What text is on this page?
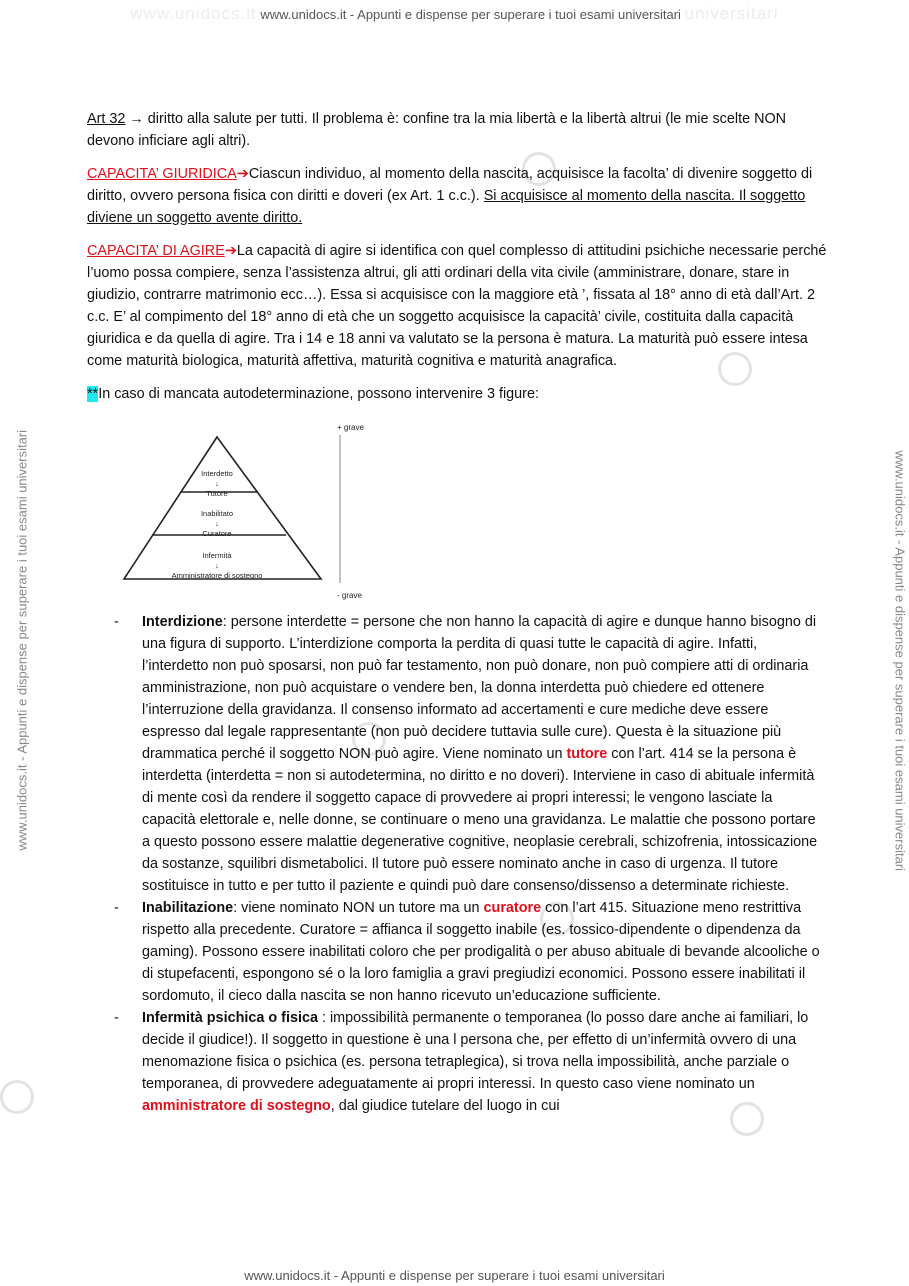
www.unidocs.it www.unidocs.it - Appunti e dispense per superare i tuoi esami universitari universitari
www.unidocs.it - Appunti e dispense per superare i tuoi esami universitari
www.unidocs.it - Appunti e dispense per superare i tuoi esami universitari	www.unidocs.it - Appunti e dispense per superare i tuoi esami universitari

Art 32 → diritto alla salute per tutti. Il problema è: confine tra la mia libertà e la libertà altrui (le mie scelte NON devono inficiare agli altri).

CAPACITA’ GIURIDICA➔Ciascun individuo, al momento della nascita, acquisisce la facolta’ di divenire soggetto di diritto, ovvero persona fisica con diritti e doveri (ex Art. 1 c.c.). Si acquisisce al momento della nascita. Il soggetto diviene un soggetto avente diritto.

CAPACITA’ DI AGIRE➔La capacità di agire si identifica con quel complesso di attitudini psichiche necessarie perché l’uomo possa compiere, senza l’assistenza altrui, gli atti ordinari della vita civile (amministrare, donare, stare in giudizio, contrarre matrimonio ecc…). Essa si acquisisce con la maggiore età ’, fissata al 18° anno di età dall’Art. 2 c.c. E’ al compimento del 18° anno di età che un soggetto acquisisce la capacità’ civile, costituita dalla capacità giuridica e da quella di agire. Tra i 14 e 18 anni va valutato se la persona è matura. La maturità può essere intesa come maturità biologica, maturità affettiva, maturità cognitiva e maturità anagrafica.

**In caso di mancata autodeterminazione, possono intervenire 3 figure:

Interdetto
↓
Tutore
Inabilitato
↓
Curatore
Infermità
↓
Amministratore di sostegno
+ grave
- grave
- Interdizione: persone interdette = persone che non hanno la capacità di agire e dunque hanno bisogno di una figura di supporto. L’interdizione comporta la perdita di quasi tutte le capacità di agire. Infatti, l’interdetto non può sposarsi, non può far testamento, non può donare, non può compiere atti di ordinaria amministrazione, non può acquistare o vendere ben, la donna interdetta può chiedere ed ottenere l’interruzione della gravidanza. Il consenso informato ad accertamenti e cure mediche deve essere espresso dal legale rappresentante (non può decidere tuttavia sulle cure). Questa è la situazione più drammatica perché il soggetto NON può agire. Viene nominato un tutore con l’art. 414 se la persona è interdetta (interdetta = non si autodetermina, no diritto e no doveri). Interviene in caso di abituale infermità di mente così da rendere il soggetto capace di provvedere ai propri interessi; le vengono lasciate la capacità elettorale e, nelle donne, se continuare o meno una gravidanza. Le malattie che possono portare a questo possono essere malattie degenerative cognitive, neoplasie cerebrali, schizofrenia, intossicazione da sostanze, squilibri dismetabolici. Il tutore può essere nominato anche in caso di urgenza. Il tutore sostituisce in tutto e per tutto il paziente e quindi può dare consenso/dissenso a determinate richieste.
- Inabilitazione: viene nominato NON un tutore ma un curatore con l’art 415. Situazione meno restrittiva rispetto alla precedente. Curatore = affianca il soggetto inabile (es. tossico-dipendente o dipendenza da gaming). Possono essere inabilitati coloro che per prodigalità o per abuso abituale di bevande alcooliche o di stupefacenti, espongono sé o la loro famiglia a gravi pregiudizi economici. Possono essere inabilitati il sordomuto, il cieco dalla nascita se non hanno ricevuto un’educazione sufficiente.
- Infermità psichica o fisica : impossibilità permanente o temporanea (lo posso dare anche ai familiari, lo decide il giudice!). Il soggetto in questione è una l persona che, per effetto di un’infermità ovvero di una menomazione fisica o psichica (es. persona tetraplegica), si trova nella impossibilità, anche parziale o temporanea, di provvedere adeguatamente ai propri interessi. In questo caso viene nominato un amministratore di sostegno, dal giudice tutelare del luogo in cui
